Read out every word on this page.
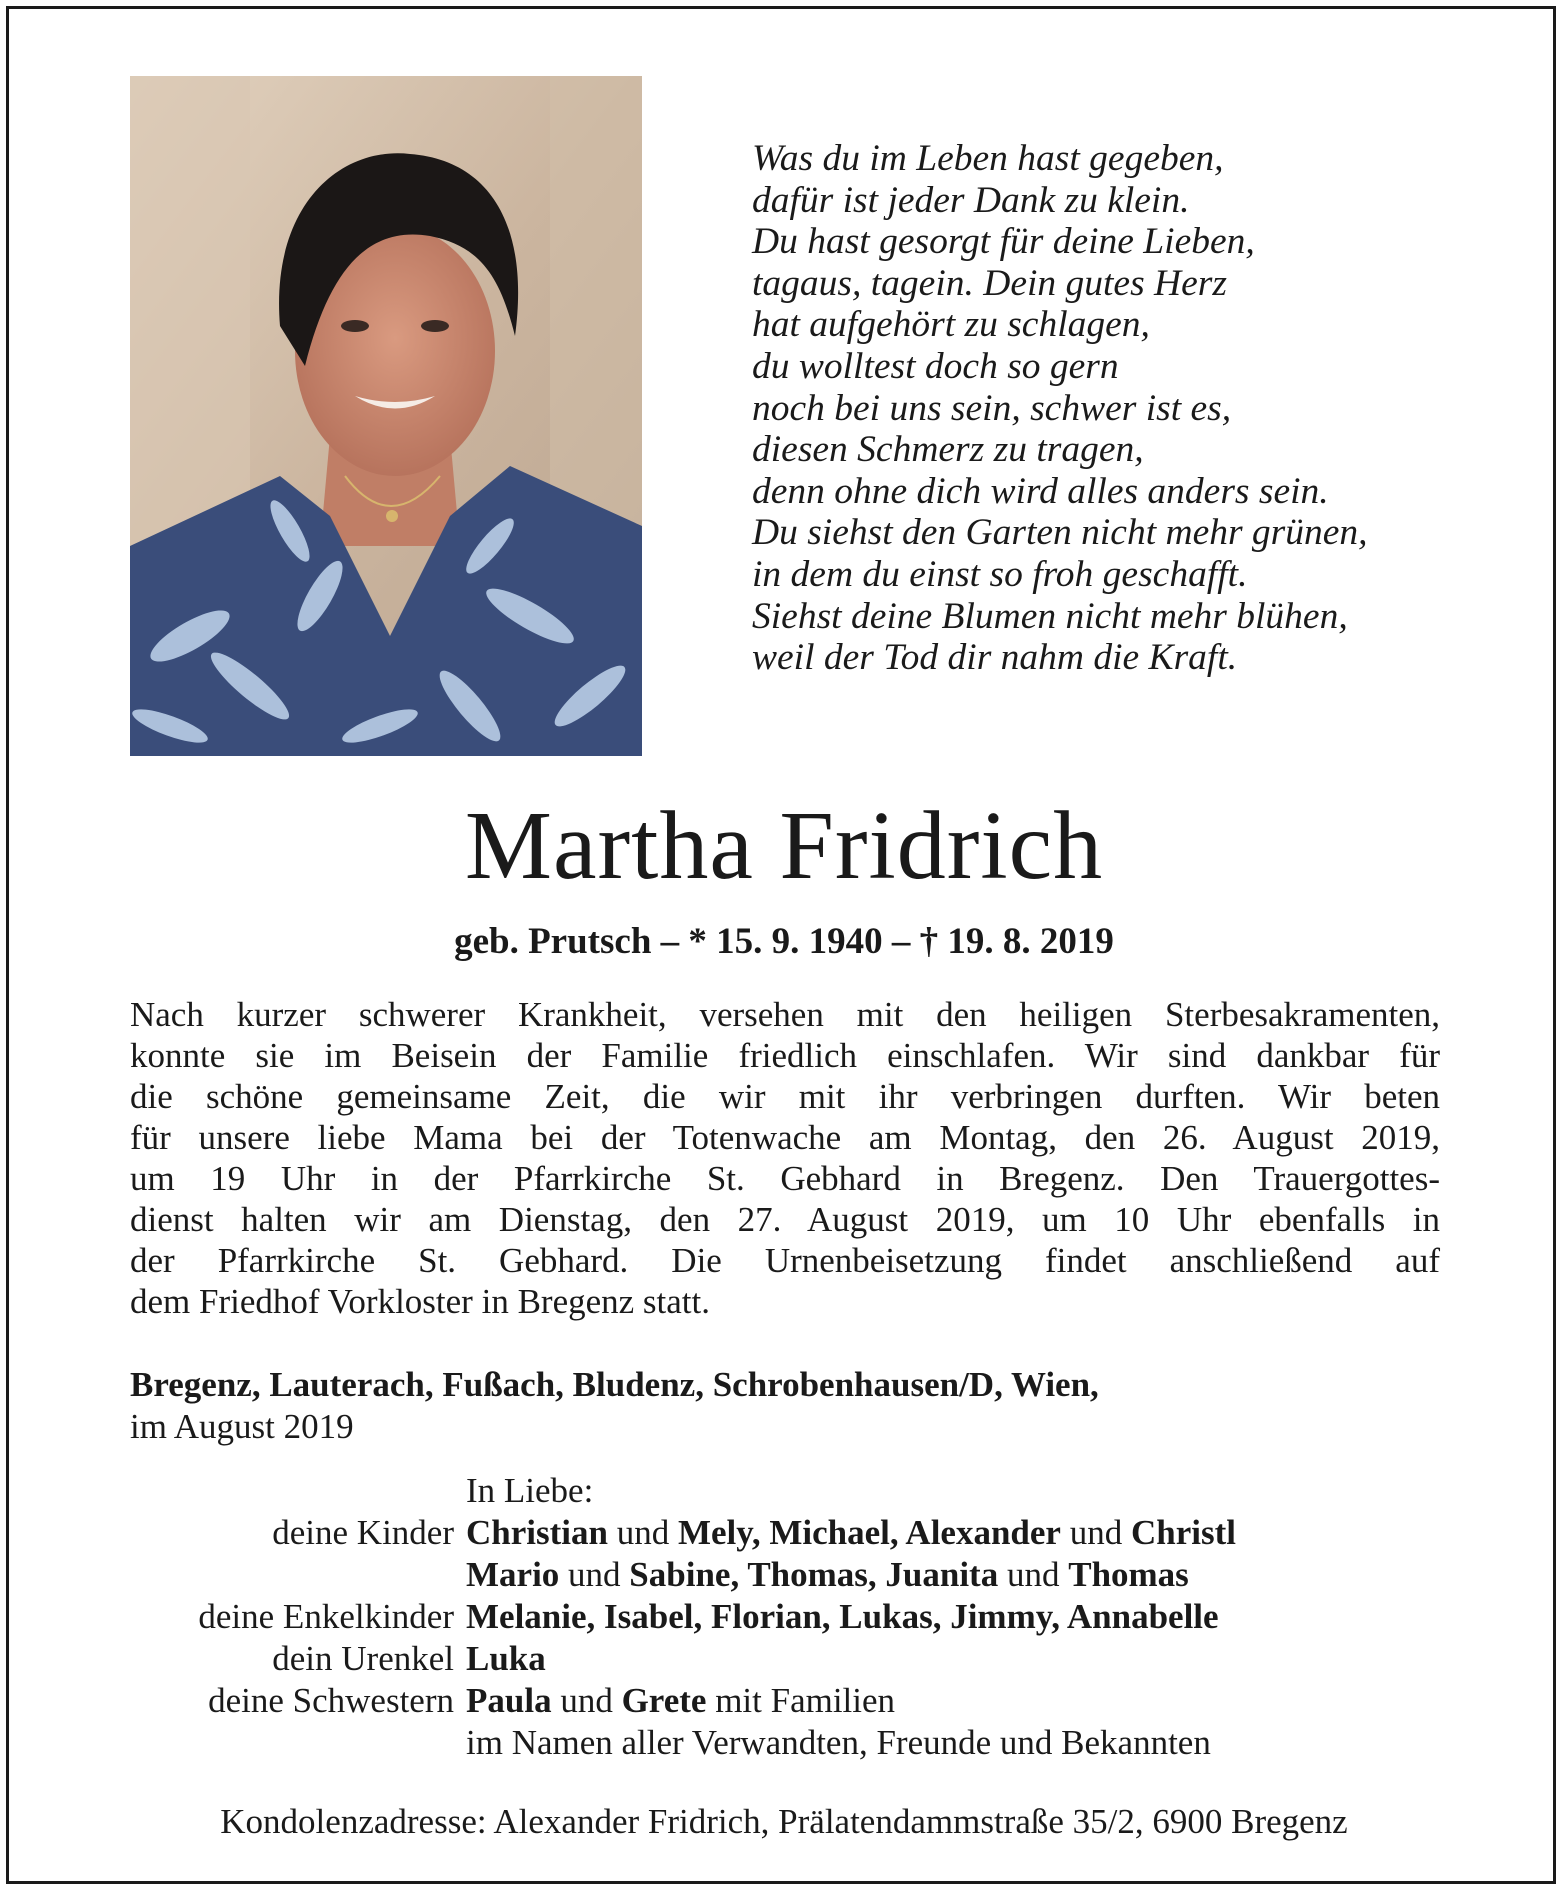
Was du im Leben hast gegeben,
dafür ist jeder Dank zu klein.
Du hast gesorgt für deine Lieben,
tagaus, tagein. Dein gutes Herz
hat aufgehört zu schlagen,
du wolltest doch so gern
noch bei uns sein, schwer ist es,
diesen Schmerz zu tragen,
denn ohne dich wird alles anders sein.
Du siehst den Garten nicht mehr grünen,
in dem du einst so froh geschafft.
Siehst deine Blumen nicht mehr blühen,
weil der Tod dir nahm die Kraft.
Martha Fridrich
geb. Prutsch – * 15. 9. 1940 – † 19. 8. 2019
Nach kurzer schwerer Krankheit, versehen mit den heiligen Sterbesakramenten,
konnte sie im Beisein der Familie friedlich einschlafen. Wir sind dankbar für
die schöne gemeinsame Zeit, die wir mit ihr verbringen durften. Wir beten
für unsere liebe Mama bei der Totenwache am Montag, den 26. August 2019,
um 19 Uhr in der Pfarrkirche St. Gebhard in Bregenz. Den Trauergottes-
dienst halten wir am Dienstag, den 27. August 2019, um 10 Uhr ebenfalls in
der Pfarrkirche St. Gebhard. Die Urnenbeisetzung findet anschließend auf
dem Friedhof Vorkloster in Bregenz statt.
Bregenz, Lauterach, Fußach, Bludenz, Schrobenhausen/D, Wien,
im August 2019
In Liebe:
deine Kinder Christian und Mely, Michael, Alexander und Christl
Mario und Sabine, Thomas, Juanita und Thomas
deine Enkelkinder Melanie, Isabel, Florian, Lukas, Jimmy, Annabelle
dein Urenkel Luka
deine Schwestern Paula und Grete mit Familien
im Namen aller Verwandten, Freunde und Bekannten
Kondolenzadresse: Alexander Fridrich, Prälatendammstraße 35/2, 6900 Bregenz
